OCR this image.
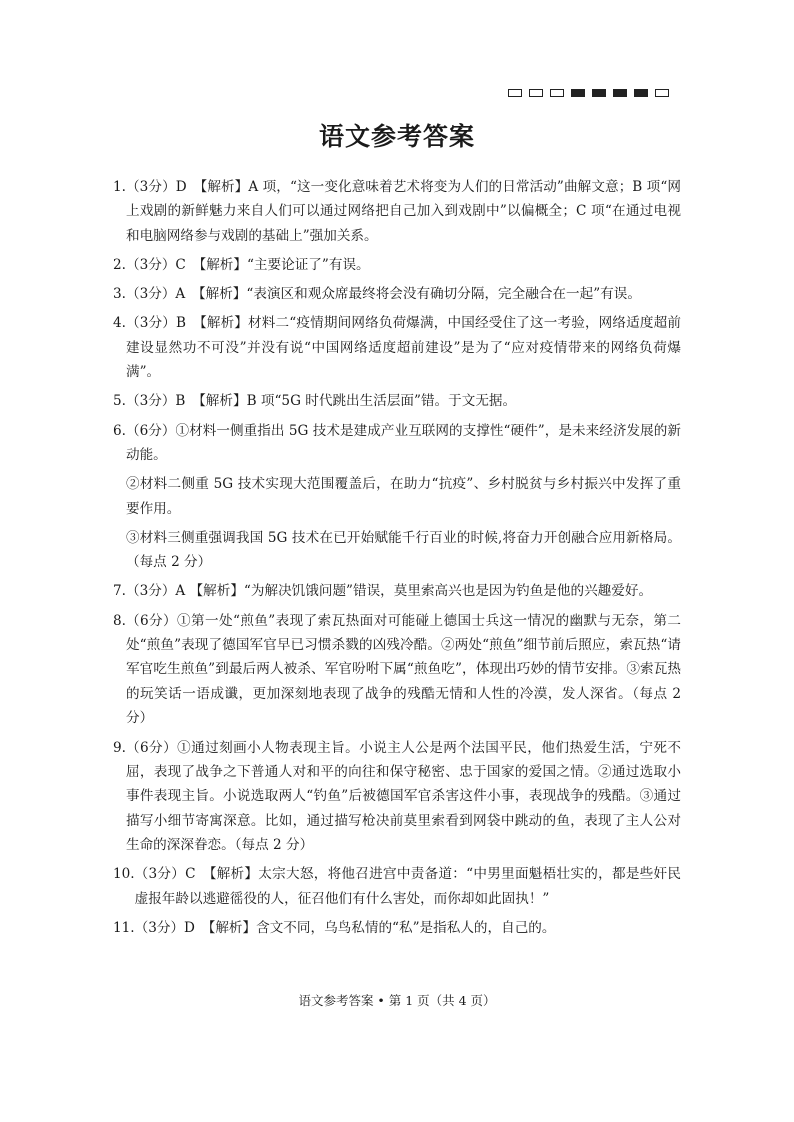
语文参考答案
1. （3分）D　【解析】A 项，“这一变化意味着艺术将变为人们的日常活动”曲解文意；B 项“网上戏剧的新鲜魅力来自人们可以通过网络把自己加入到戏剧中”以偏概全；C 项“在通过电视和电脑网络参与戏剧的基础上”强加关系。
2. （3分）C　【解析】“主要论证了”有误。
3. （3分）A　【解析】“表演区和观众席最终将会没有确切分隔，完全融合在一起”有误。
4. （3分）B　【解析】材料二“疫情期间网络负荷爆满，中国经受住了这一考验，网络适度超前建设显然功不可没”并没有说“中国网络适度超前建设”是为了“应对疫情带来的网络负荷爆满”。
5. （3分）B　【解析】B 项“5G 时代跳出生活层面”错。于文无据。
6. （6分）①材料一侧重指出 5G 技术是建成产业互联网的支撑性“硬件”，是未来经济发展的新动能。
②材料二侧重 5G 技术实现大范围覆盖后，在助力“抗疫”、乡村脱贫与乡村振兴中发挥了重要作用。
③材料三侧重强调我国 5G 技术在已开始赋能千行百业的时候,将奋力开创融合应用新格局。（每点 2 分）
7. （3分）A 【解析】“为解决饥饿问题”错误，莫里索高兴也是因为钓鱼是他的兴趣爱好。
8. （6分）①第一处“煎鱼”表现了索瓦热面对可能碰上德国士兵这一情况的幽默与无奈，第二处“煎鱼”表现了德国军官早已习惯杀戮的凶残冷酷。②两处“煎鱼”细节前后照应，索瓦热“请军官吃生煎鱼”到最后两人被杀、军官吩咐下属“煎鱼吃”，体现出巧妙的情节安排。③索瓦热的玩笑话一语成谶，更加深刻地表现了战争的残酷无情和人性的冷漠，发人深省。（每点 2 分）
9. （6分）①通过刻画小人物表现主旨。小说主人公是两个法国平民，他们热爱生活，宁死不屈，表现了战争之下普通人对和平的向往和保守秘密、忠于国家的爱国之情。②通过选取小事件表现主旨。小说选取两人“钓鱼”后被德国军官杀害这件小事，表现战争的残酷。③通过描写小细节寄寓深意。比如，通过描写枪决前莫里索看到网袋中跳动的鱼，表现了主人公对生命的深深眷恋。（每点 2 分）
10. （3分）C　【解析】太宗大怒，将他召进宫中责备道：“中男里面魁梧壮实的，都是些奸民虚报年龄以逃避徭役的人，征召他们有什么害处，而你却如此固执！”
11. （3分）D　【解析】含文不同，乌鸟私情的“私”是指私人的，自己的。
语文参考答案 • 第 1 页（共 4 页）
